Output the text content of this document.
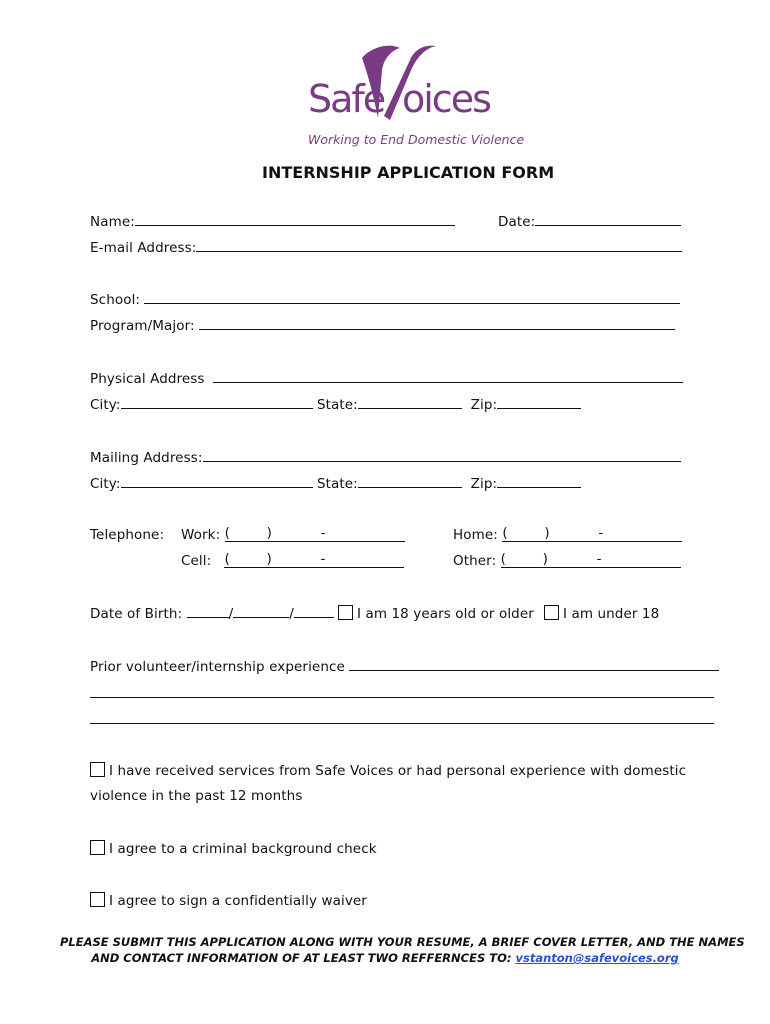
Safe oices
Working to End Domestic Violence
INTERNSHIP APPLICATION FORM
Name:	Date:
E-mail Address:
School:
Program/Major:
Physical Address
City:	State:	Zip:
Mailing Address:
City:	State:	Zip:
Telephone: Work: (	)	-	Home: (	)	-
Cell: (	)	-	Other: (	)	-
Date of Birth:	/	/	I am 18 years old or older	I am under 18
Prior volunteer/internship experience
I have received services from Safe Voices or had personal experience with domestic
violence in the past 12 months
I agree to a criminal background check
I agree to sign a confidentially waiver
PLEASE SUBMIT THIS APPLICATION ALONG WITH YOUR RESUME, A BRIEF COVER LETTER, AND THE NAMES
AND CONTACT INFORMATION OF AT LEAST TWO REFFERNCES TO: vstanton@safevoices.org
